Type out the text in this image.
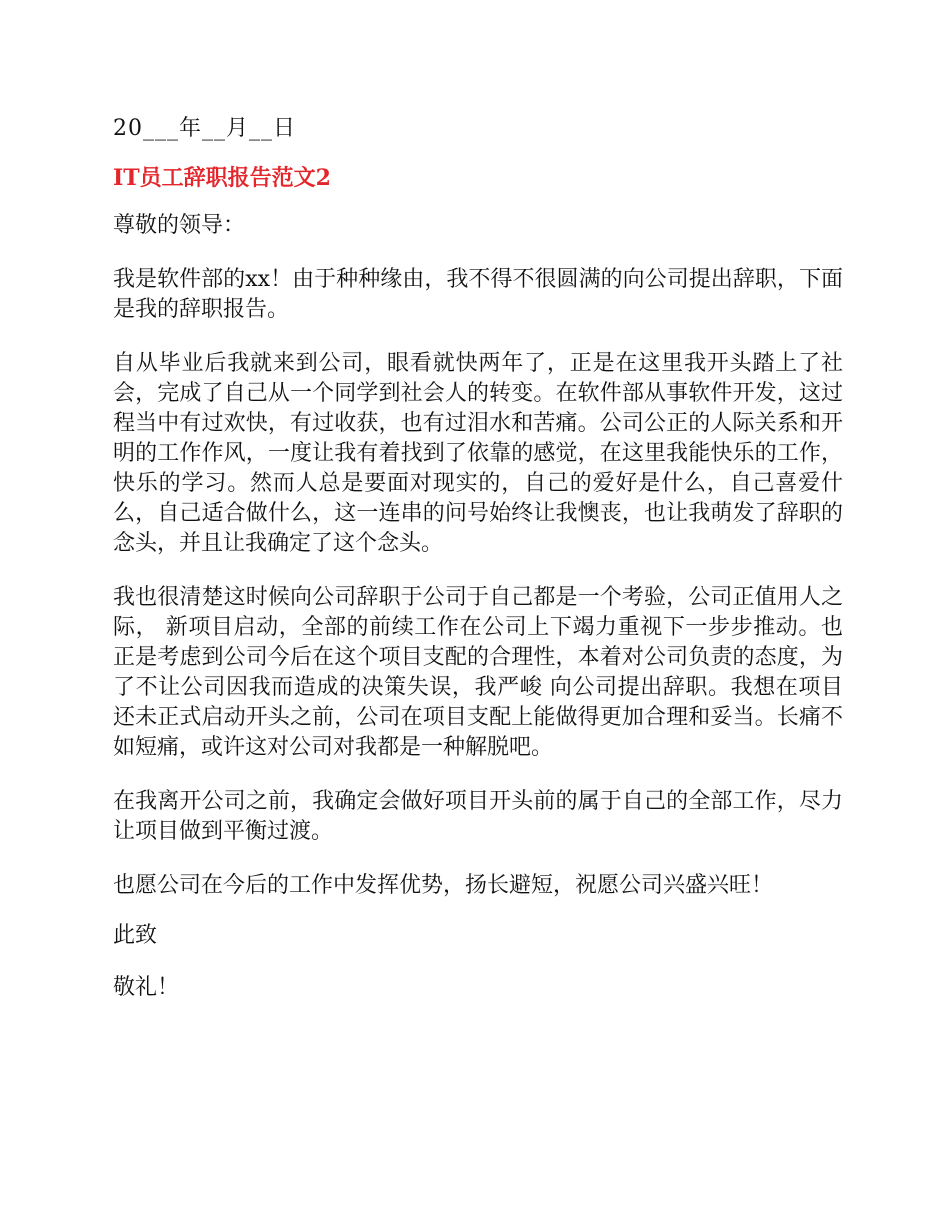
20___年__月__日

IT员工辞职报告范文2

尊敬的领导：

我是软件部的xx！由于种种缘由，我不得不很圆满的向公司提出辞职，下面是我的辞职报告。

自从毕业后我就来到公司，眼看就快两年了，正是在这里我开头踏上了社会，完成了自己从一个同学到社会人的转变。在软件部从事软件开发，这过程当中有过欢快，有过收获，也有过泪水和苦痛。公司公正的人际关系和开明的工作作风，一度让我有着找到了依靠的感觉，在这里我能快乐的工作，快乐的学习。然而人总是要面对现实的，自己的爱好是什么，自己喜爱什么，自己适合做什么，这一连串的问号始终让我懊丧，也让我萌发了辞职的念头，并且让我确定了这个念头。

我也很清楚这时候向公司辞职于公司于自己都是一个考验，公司正值用人之际， 新项目启动，全部的前续工作在公司上下竭力重视下一步步推动。也正是考虑到公司今后在这个项目支配的合理性，本着对公司负责的态度，为了不让公司因我而造成的决策失误，我严峻 向公司提出辞职。我想在项目还未正式启动开头之前，公司在项目支配上能做得更加合理和妥当。长痛不如短痛，或许这对公司对我都是一种解脱吧。

在我离开公司之前，我确定会做好项目开头前的属于自己的全部工作，尽力让项目做到平衡过渡。

也愿公司在今后的工作中发挥优势，扬长避短，祝愿公司兴盛兴旺！

此致

敬礼！
